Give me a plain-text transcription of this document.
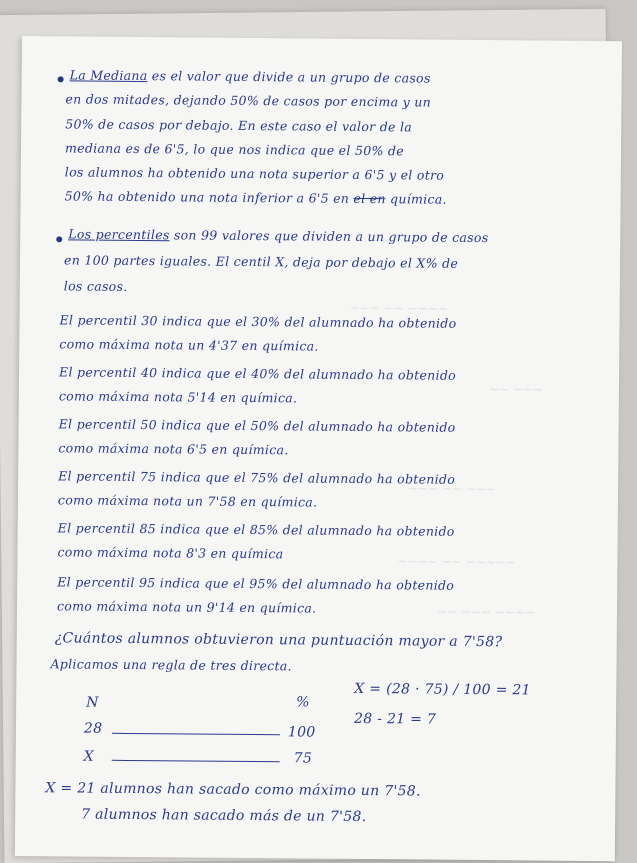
~~~ ~~ ~~~~
~~ ~~~
~~~ ~~ ~~~
~~~~ ~~ ~~~~~
~~ ~~~ ~~~~
La Mediana es el valor que divide a un grupo de casos
en dos mitades, dejando 50% de casos por encima y un
50% de casos por debajo. En este caso el valor de la
mediana es de 6'5, lo que nos indica que el 50% de
los alumnos ha obtenido una nota superior a 6'5 y el otro
50% ha obtenido una nota inferior a 6'5 en el en química.
Los percentiles son 99 valores que dividen a un grupo de casos
en 100 partes iguales. El centil X, deja por debajo el X% de
los casos.
El percentil 30 indica que el 30% del alumnado ha obtenido
como máxima nota un 4'37 en química.
El percentil 40 indica que el 40% del alumnado ha obtenido
como máxima nota 5'14 en química.
El percentil 50 indica que el 50% del alumnado ha obtenido
como máxima nota 6'5 en química.
El percentil 75 indica que el 75% del alumnado ha obtenido
como máxima nota un 7'58 en química.
El percentil 85 indica que el 85% del alumnado ha obtenido
como máxima nota 8'3 en química
El percentil 95 indica que el 95% del alumnado ha obtenido
como máxima nota un 9'14 en química.
¿Cuántos alumnos obtuvieron una puntuación mayor a 7'58?
Aplicamos una regla de tres directa.
N	%
28	100
X	75
X = (28 · 75) / 100 = 21
28 - 21 = 7
X = 21 alumnos han sacado como máximo un 7'58.
7 alumnos han sacado más de un 7'58.
